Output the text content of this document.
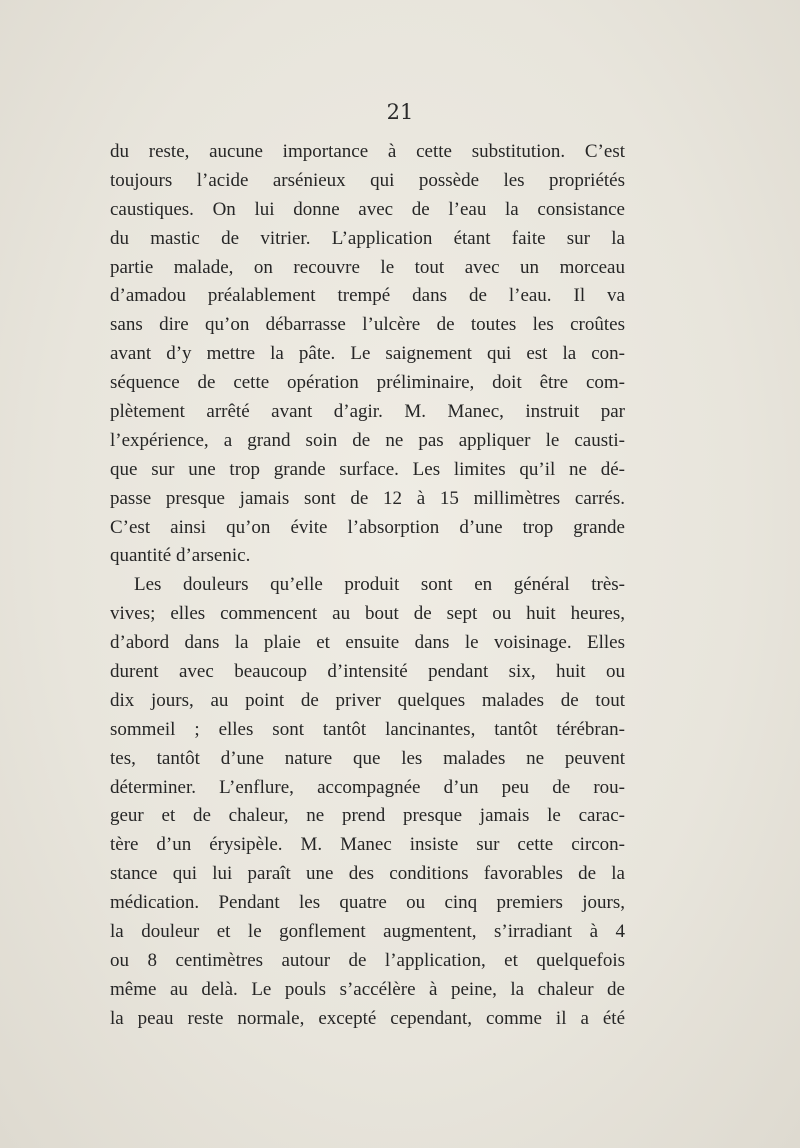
21
du reste, aucune importance à cette substitution. C’est
toujours l’acide arsénieux qui possède les propriétés
caustiques. On lui donne avec de l’eau la consistance
du mastic de vitrier. L’application étant faite sur la
partie malade, on recouvre le tout avec un morceau
d’amadou préalablement trempé dans de l’eau. Il va
sans dire qu’on débarrasse l’ulcère de toutes les croûtes
avant d’y mettre la pâte. Le saignement qui est la con-
séquence de cette opération préliminaire, doit être com-
plètement arrêté avant d’agir. M. Manec, instruit par
l’expérience, a grand soin de ne pas appliquer le causti-
que sur une trop grande surface. Les limites qu’il ne dé-
passe presque jamais sont de 12 à 15 millimètres carrés.
C’est ainsi qu’on évite l’absorption d’une trop grande
quantité d’arsenic.
Les douleurs qu’elle produit sont en général très-
vives; elles commencent au bout de sept ou huit heures,
d’abord dans la plaie et ensuite dans le voisinage. Elles
durent avec beaucoup d’intensité pendant six, huit ou
dix jours, au point de priver quelques malades de tout
sommeil ; elles sont tantôt lancinantes, tantôt térébran-
tes, tantôt d’une nature que les malades ne peuvent
déterminer. L’enflure, accompagnée d’un peu de rou-
geur et de chaleur, ne prend presque jamais le carac-
tère d’un érysipèle. M. Manec insiste sur cette circon-
stance qui lui paraît une des conditions favorables de la
médication. Pendant les quatre ou cinq premiers jours,
la douleur et le gonflement augmentent, s’irradiant à 4
ou 8 centimètres autour de l’application, et quelquefois
même au delà. Le pouls s’accélère à peine, la chaleur de
la peau reste normale, excepté cependant, comme il a été
